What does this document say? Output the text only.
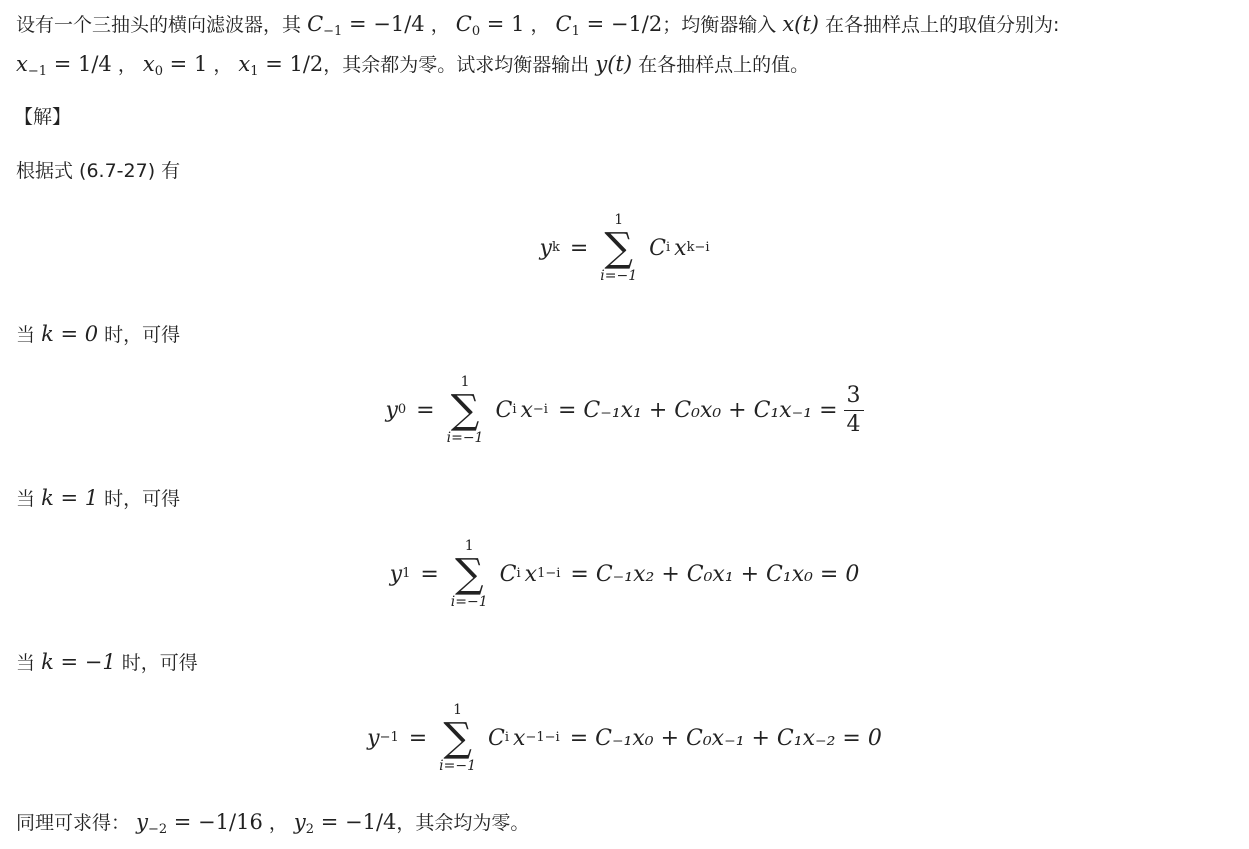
设有一个三抽头的横向滤波器，其 $C_{-1} = -1/4$ ， $C_0 = 1$ ， $C_1 = -1/2$；均衡器输入 x(t) 在各抽样点上的取值分别为:
$x_{-1} = 1/4$ ， $x_0 = 1$ ， $x_1 = 1/2$，其余都为零。试求均衡器输出 y(t) 在各抽样点上的值。
【解】
根据式 (6.7-27) 有
y k =
1
∑
i=−1
C i x k−i
当 k = 0 时，可得
y 0 =
1
∑
i=−1
C i $x -i = C_{-1}x_1 + C_0x_0 + C_1x_{-1} = \frac{3}{4}$
当 k = 1 时，可得
y 1 =
1
∑
i=−1
C i x 1−i = C₋₁x₂ + C₀x₁ + C₁x₀ = 0
当 k = −1 时，可得
y −1 =
1
∑
i=−1
C i x −1−i = C₋₁x₀ + C₀x₋₁ + C₁x₋₂ = 0
同理可求得： $y_{-2} = -1/16$ ， $y_2 = -1/4$，其余均为零。
